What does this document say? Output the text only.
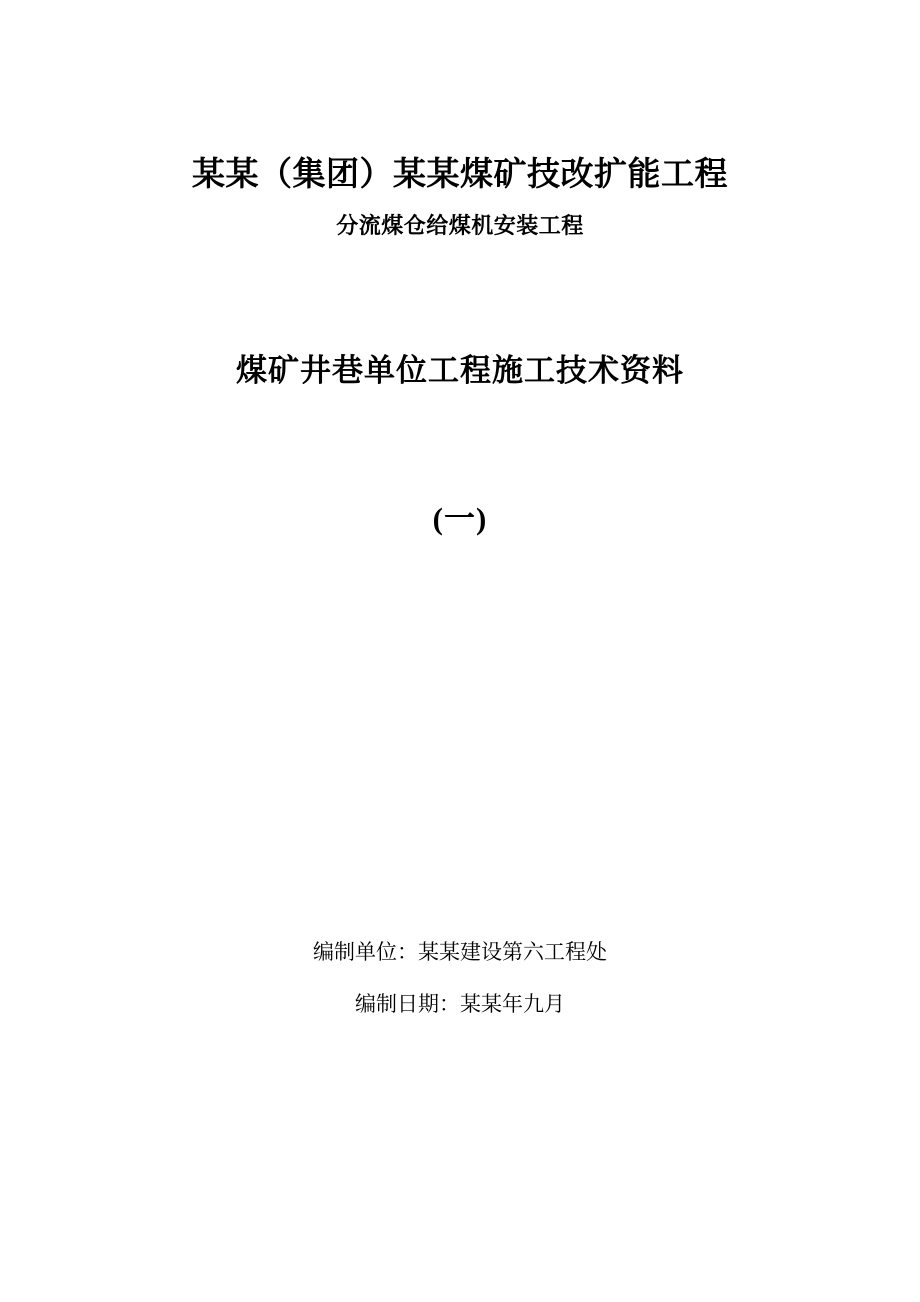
某某（集团）某某煤矿技改扩能工程
分流煤仓给煤机安装工程
煤矿井巷单位工程施工技术资料
(一)
编制单位：某某建设第六工程处
编制日期：某某年九月
